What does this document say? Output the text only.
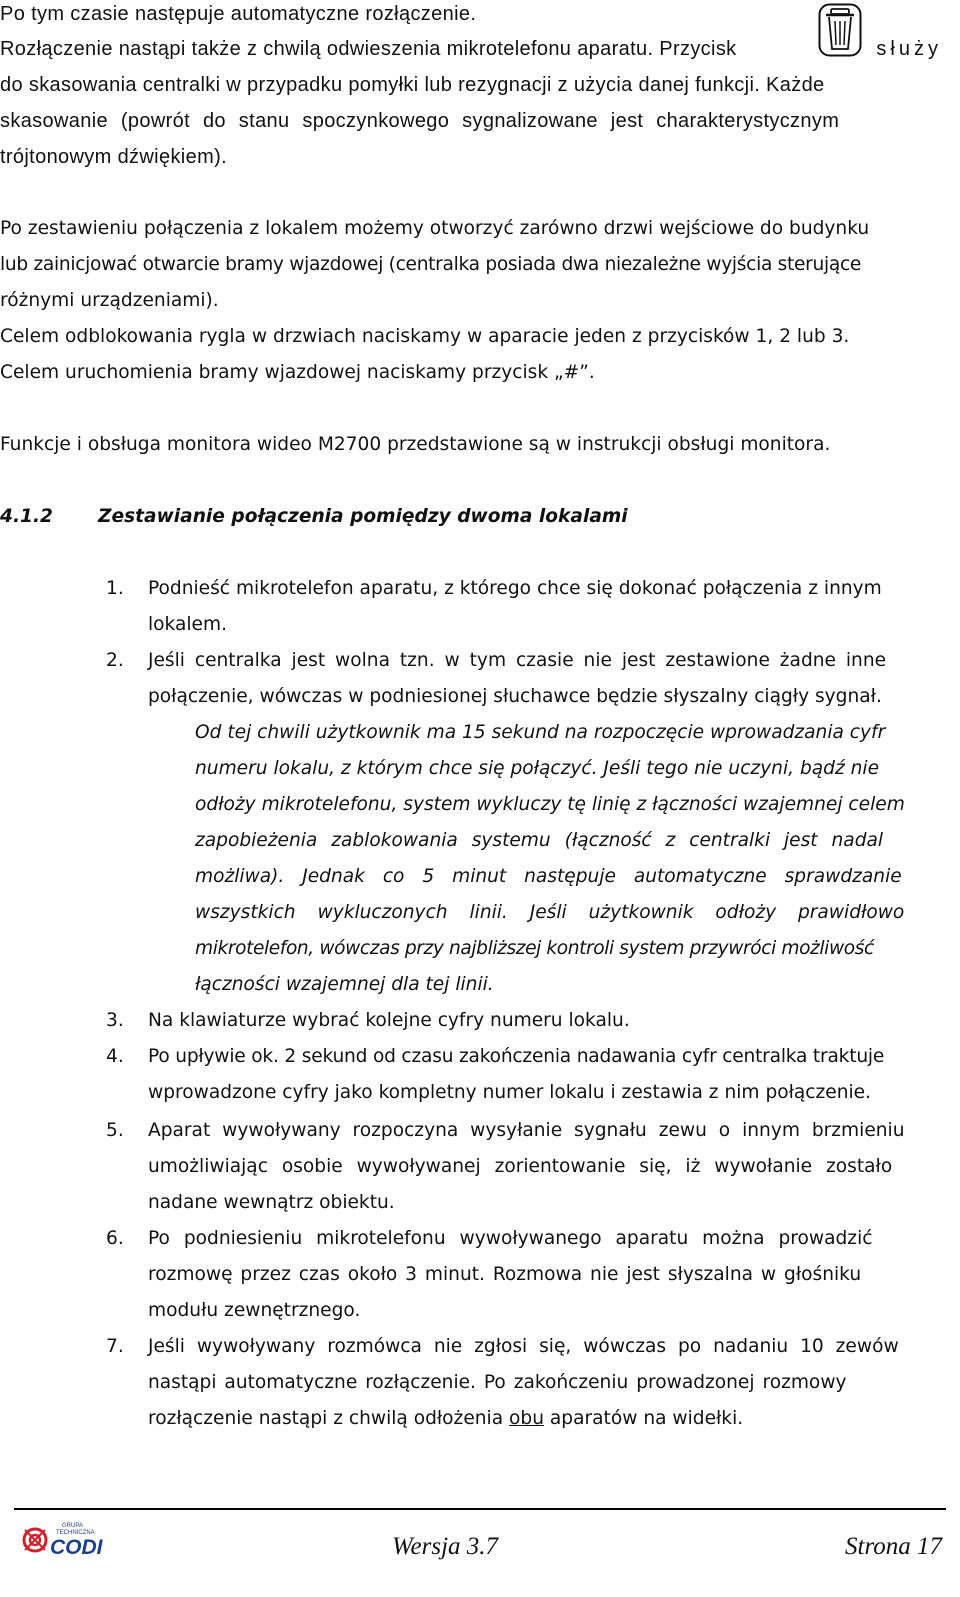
Po tym czasie następuje automatyczne rozłączenie.
Rozłączenie nastąpi także z chwilą odwieszenia mikrotelefonu aparatu. Przycisk	służy
do skasowania centralki w przypadku pomyłki lub rezygnacji z użycia danej funkcji. Każde
skasowanie (powrót do stanu spoczynkowego sygnalizowane jest charakterystycznym
trójtonowym dźwiękiem).
Po zestawieniu połączenia z lokalem możemy otworzyć zarówno drzwi wejściowe do budynku
lub zainicjować otwarcie bramy wjazdowej (centralka posiada dwa niezależne wyjścia sterujące
różnymi urządzeniami).
Celem odblokowania rygla w drzwiach naciskamy w aparacie jeden z przycisków 1, 2 lub 3.
Celem uruchomienia bramy wjazdowej naciskamy przycisk „#”.
Funkcje i obsługa monitora wideo M2700 przedstawione są w instrukcji obsługi monitora.
4.1.2 Zestawianie połączenia pomiędzy dwoma lokalami
1. Podnieść mikrotelefon aparatu, z którego chce się dokonać połączenia z innym
lokalem.
2. Jeśli centralka jest wolna tzn. w tym czasie nie jest zestawione żadne inne
połączenie, wówczas w podniesionej słuchawce będzie słyszalny ciągły sygnał.
Od tej chwili użytkownik ma 15 sekund na rozpoczęcie wprowadzania cyfr
numeru lokalu, z którym chce się połączyć. Jeśli tego nie uczyni, bądź nie
odłoży mikrotelefonu, system wykluczy tę linię z łączności wzajemnej celem
zapobieżenia zablokowania systemu (łączność z centralki jest nadal
możliwa). Jednak co 5 minut następuje automatyczne sprawdzanie
wszystkich wykluczonych linii. Jeśli użytkownik odłoży prawidłowo
mikrotelefon, wówczas przy najbliższej kontroli system przywróci możliwość
łączności wzajemnej dla tej linii.
3. Na klawiaturze wybrać kolejne cyfry numeru lokalu.
4. Po upływie ok. 2 sekund od czasu zakończenia nadawania cyfr centralka traktuje
wprowadzone cyfry jako kompletny numer lokalu i zestawia z nim połączenie.
5. Aparat wywoływany rozpoczyna wysyłanie sygnału zewu o innym brzmieniu
umożliwiając osobie wywoływanej zorientowanie się, iż wywołanie zostało
nadane wewnątrz obiektu.
6. Po podniesieniu mikrotelefonu wywoływanego aparatu można prowadzić
rozmowę przez czas około 3 minut. Rozmowa nie jest słyszalna w głośniku
modułu zewnętrznego.
7. Jeśli wywoływany rozmówca nie zgłosi się, wówczas po nadaniu 10 zewów
nastąpi automatyczne rozłączenie. Po zakończeniu prowadzonej rozmowy
rozłączenie nastąpi z chwilą odłożenia obu aparatów na widełki.
GRUPA
TECHNICZNA
CODI	Wersja 3.7	Strona 17
